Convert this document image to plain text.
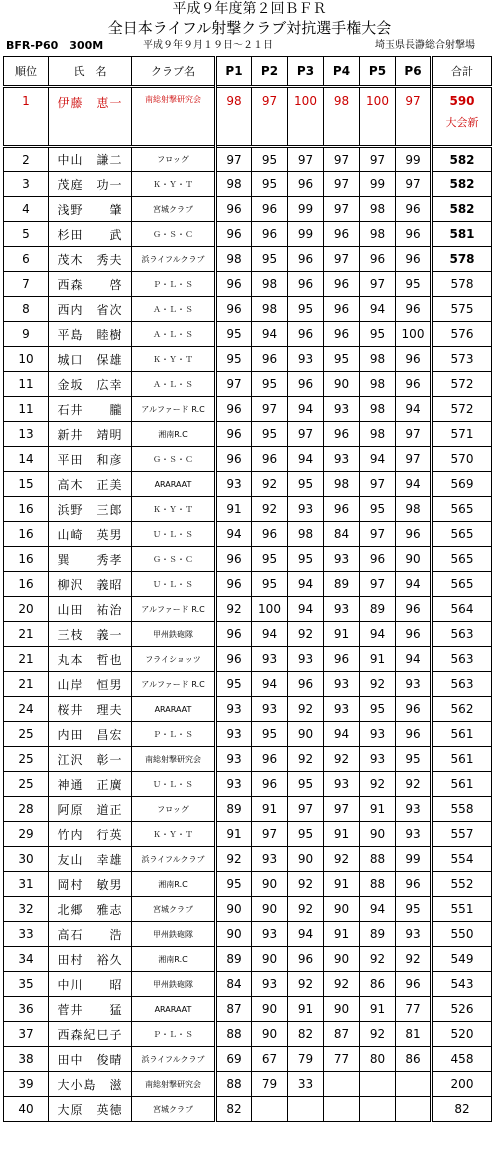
平成９年度第２回ＢＦＲ
全日本ライフル射撃クラブ対抗選手権大会
BFR-P60　300M	平成９年９月１９日～２１日	埼玉県長瀞総合射撃場
順位	氏　名	クラブ名	P1	P2	P3	P4	P5	P6	合計
1	伊藤　恵一	南総射撃研究会	98	97	100	98	100	97	590
大会新

2	中山　謙二	フロッグ	97	95	97	97	97	99	582
3	茂庭　功一	Ｋ・Ｙ・Ｔ	98	95	96	97	99	97	582
4	浅野　　肇	宮城クラブ	96	96	99	97	98	96	582
5	杉田　　武	Ｇ・Ｓ・Ｃ	96	96	99	96	98	96	581
6	茂木　秀夫	浜ライフルクラブ	98	95	96	97	96	96	578
7	西森　　啓	Ｐ・Ｌ・Ｓ	96	98	96	96	97	95	578
8	西内　省次	Ａ・Ｌ・Ｓ	96	98	95	96	94	96	575
9	平島　睦樹	Ａ・Ｌ・Ｓ	95	94	96	96	95	100	576
10	城口　保雄	Ｋ・Ｙ・Ｔ	95	96	93	95	98	96	573
11	金坂　広幸	Ａ・Ｌ・Ｓ	97	95	96	90	98	96	572
11	石井　　朧	アルファード R.C	96	97	94	93	98	94	572
13	新井　靖明	湘南R.C	96	95	97	96	98	97	571
14	平田　和彦	Ｇ・Ｓ・Ｃ	96	96	94	93	94	97	570
15	高木　正美	ARARAAT	93	92	95	98	97	94	569
16	浜野　三郎	Ｋ・Ｙ・Ｔ	91	92	93	96	95	98	565
16	山崎　英男	Ｕ・Ｌ・Ｓ	94	96	98	84	97	96	565
16	巽　　秀孝	Ｇ・Ｓ・Ｃ	96	95	95	93	96	90	565
16	柳沢　義昭	Ｕ・Ｌ・Ｓ	96	95	94	89	97	94	565
20	山田　祐治	アルファード R.C	92	100	94	93	89	96	564
21	三枝　義一	甲州鉄砲隊	96	94	92	91	94	96	563
21	丸本　哲也	フライショッツ	96	93	93	96	91	94	563
21	山岸　恒男	アルファード R.C	95	94	96	93	92	93	563
24	桜井　理夫	ARARAAT	93	93	92	93	95	96	562
25	内田　昌宏	Ｐ・Ｌ・Ｓ	93	95	90	94	93	96	561
25	江沢　彰一	南総射撃研究会	93	96	92	92	93	95	561
25	神通　正廣	Ｕ・Ｌ・Ｓ	93	96	95	93	92	92	561
28	阿原　道正	フロッグ	89	91	97	97	91	93	558
29	竹内　行英	Ｋ・Ｙ・Ｔ	91	97	95	91	90	93	557
30	友山　幸雄	浜ライフルクラブ	92	93	90	92	88	99	554
31	岡村　敏男	湘南R.C	95	90	92	91	88	96	552
32	北郷　雅志	宮城クラブ	90	90	92	90	94	95	551
33	高石　　浩	甲州鉄砲隊	90	93	94	91	89	93	550
34	田村　裕久	湘南R.C	89	90	96	90	92	92	549
35	中川　　昭	甲州鉄砲隊	84	93	92	92	86	96	543
36	菅井　　猛	ARARAAT	87	90	91	90	91	77	526
37	西森紀巳子	Ｐ・Ｌ・Ｓ	88	90	82	87	92	81	520
38	田中　俊晴	浜ライフルクラブ	69	67	79	77	80	86	458
39	大小島　滋	南総射撃研究会	88	79	33				200
40	大原　英徳	宮城クラブ	82						82
